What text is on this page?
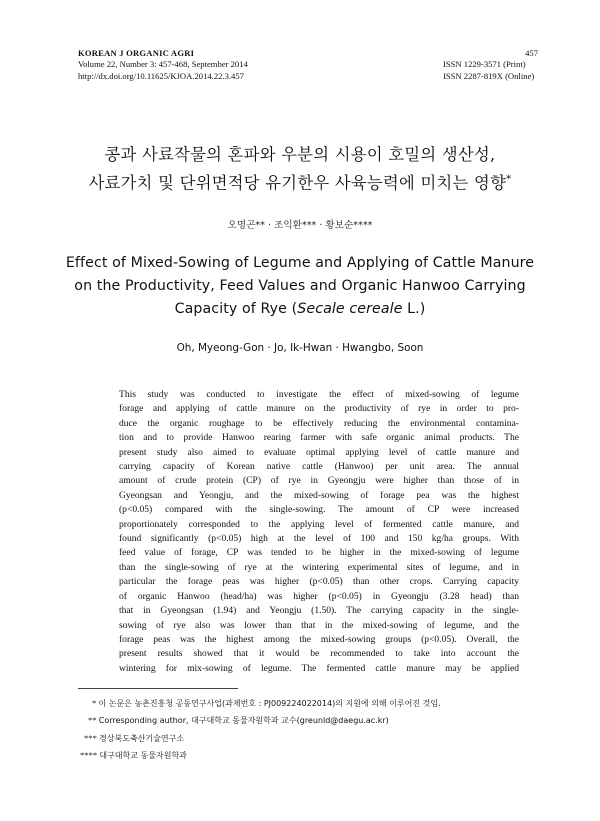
KOREAN J ORGANIC AGRI	457
Volume 22, Number 3: 457-468, September 2014	ISSN 1229-3571 (Print)
http://dx.doi.org/10.11625/KJOA.2014.22.3.457	ISSN 2287-819X (Online)
콩과 사료작물의 혼파와 우분의 시용이 호밀의 생산성,
사료가치 및 단위면적당 유기한우 사육능력에 미치는 영향*
오명곤** · 조익환*** · 황보순****
Effect of Mixed-Sowing of Legume and Applying of Cattle Manure
on the Productivity, Feed Values and Organic Hanwoo Carrying
Capacity of Rye (Secale cereale L.)
Oh, Myeong-Gon · Jo, Ik-Hwan · Hwangbo, Soon
This study was conducted to investigate the effect of mixed-sowing of legume
forage and applying of cattle manure on the productivity of rye in order to pro-
duce the organic roughage to be effectively reducing the environmental contamina-
tion and to provide Hanwoo rearing farmer with safe organic animal products. The
present study also aimed to evaluate optimal applying level of cattle manure and
carrying capacity of Korean native cattle (Hanwoo) per unit area. The annual
amount of crude protein (CP) of rye in Gyeongju were higher than those of in
Gyeongsan and Yeongju, and the mixed-sowing of forage pea was the highest
(p<0.05) compared with the single-sowing. The amount of CP were increased
proportionately corresponded to the applying level of fermented cattle manure, and
found significantly (p<0.05) high at the level of 100 and 150 kg/ha groups. With
feed value of forage, CP was tended to be higher in the mixed-sowing of legume
than the single-sowing of rye at the wintering experimental sites of legume, and in
particular the forage peas was higher (p<0.05) than other crops. Carrying capacity
of organic Hanwoo (head/ha) was higher (p<0.05) in Gyeongju (3.28 head) than
that in Gyeongsan (1.94) and Yeongju (1.50). The carrying capacity in the single-
sowing of rye also was lower than that in the mixed-sowing of legume, and the
forage peas was the highest among the mixed-sowing groups (p<0.05). Overall, the
present results showed that it would be recommended to take into account the
wintering for mix-sowing of legume. The fermented cattle manure may be applied
* 이 논문은 농촌진흥청 공동연구사업(과제번호 : PJ009224022014)의 지원에 의해 이루어진 것임.
** Corresponding author, 대구대학교 동물자원학과 교수(greunld@daegu.ac.kr)
*** 경상북도축산기술연구소
**** 대구대학교 동물자원학과
